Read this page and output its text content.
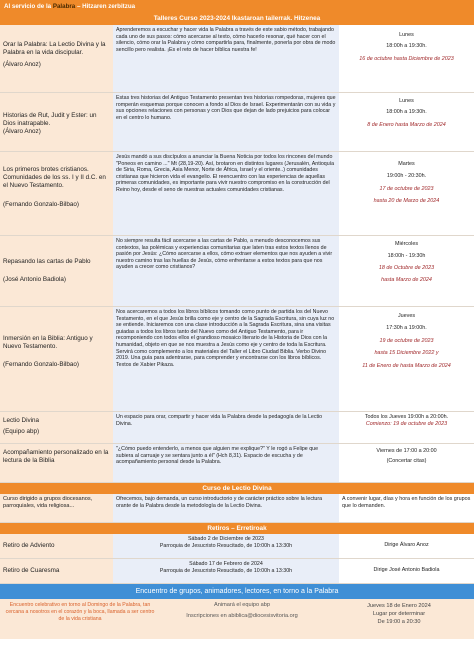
Al servicio de la Palabra – Hitzaren zerbitzua
Talleres Curso 2023-2024 Ikastaroan tailerrak. Hitzenea
Orar la Palabra: La Lectio Divina y la Palabra en la vida discipular.
(Álvaro Anoz)

Aprenderemos a escuchar y hacer vida la Palabra a través de este sabio método, trabajando cada uno de sus pasos: cómo acercarse al texto, cómo hacerlo resonar, qué hacer con el silencio, cómo orar la Palabra y cómo compartirla para, finalmente, ponerla por obra de modo sencillo pero realista. ¡Es el reto de hacer bíblica nuestra fe!

Lunes
18:00h a 19:30h.
16 de octubre hasta Diciembre de 2023
Historias de Rut, Judit y Ester: un Dios inatrapable.
(Álvaro Anoz)

Estas tres historias del Antiguo Testamento presentan tres historias rompedoras, mujeres que romperán esquemas porque conocen a fondo al Dios de Israel. Experimentarán con su vida y sus opciones relaciones con personas y con Dios que dejan de lado prejuicios para colocar en el centro lo humano.

Lunes
18:00h a 19:30h.
8 de Enero hasta Marzo de 2024
Los primeros brotes cristianos. Comunidades de los ss. I y II d.C. en el Nuevo Testamento.
(Fernando Gonzalo-Bilbao)

Jesús mandó a sus discípulos a anunciar la Buena Noticia por todos los rincones del mundo "Poneos en camino ..." Mt (28,19-20). Así, brotaron en distintos lugares (Jerusalén, Antioquía de Siria, Roma, Grecia, Asia Menor, Norte de África, Israel y el oriente..) comunidades cristianas que hicieron vida el evangelio. El reencuentro con las experiencias de aquellas primeras comunidades, es importante para vivir nuestro compromiso en la construcción del Reino hoy, desde el seno de nuestras actuales comunidades cristianas.

Martes
19:00h - 20:30h.
17 de octubre de 2023
hasta 20 de Marzo de 2024
Repasando las cartas de Pablo
(José Antonio Badiola)

No siempre resulta fácil acercarse a las cartas de Pablo, a menudo desconocemos sus contextos, las polémicas y experiencias comunitarias que laten tras estos textos llenos de pasión por Jesús: ¿Cómo acercarse a ellos, cómo extraer elementos que nos ayuden a vivir nuestro camino tras las huellas de Jesús, cómo enfrentarse a estos textos para que nos ayuden a crecer como cristianos?

Miércoles
18:00h - 19:30h
18 de Octubre de 2023
hasta Marzo de 2024
Inmersión en la Biblia: Antiguo y Nuevo Testamento.
(Fernando Gonzalo-Bilbao)

Nos acercaremos a todos los libros bíblicos tomando como punto de partida los del Nuevo Testamento, en el que Jesús brilla como eje y centro de la Sagrada Escritura, sin cuya luz no se entiende. Iniciaremos con una clase introducción a la Sagrada Escritura, sina una visitas guiadas a todos los libros tanto del Nuevo como del Antiguo Testamento, para ir recomponiendo con todos ellos el grandioso mosaico literario de la Historia de Dios con la humanidad, objeto en que se nos muestra a Jesús como eje y centro de toda la Escritura. Servirá como complemento a los materiales del Taller el Libro Ciudad Biblia. Verbo Divino 2019. Una guía para adentrarse, para comprender y encontrarse con los libros bíblicos. Textos de Xabier Pikaza.

Jueves
17:30h a 19:00h.
19 de octubre de 2023
hasta 15 Diciembre 2022 y
11 de Enero de hasta Marzo de 2024
Lectio Divina
(Equipo abp)

Un espacio para orar, compartir y hacer vida la Palabra desde la pedagogía de la Lectio Divina.

Todos los Jueves 19:00h a 20:00h.
Comienzo: 19 de octubre de 2023
Acompañamiento personalizado en la lectura de la Biblia

"¿Cómo puedo entenderlo, a menos que alguien me explique?" Y le rogó a Felipe que subiera al carruaje y se sentara junto a él" (Hch 8,31). Espacio de escucha y de acompañamiento personal desde la Palabra.

Viernes de 17:00 a 20:00
(Concertar citas)
Curso de Lectio Divina
Curso dirigido a grupos diocesanos, parroquiales, vida religiosa...

Ofrecemos, bajo demanda, un curso introductorio y de carácter práctico sobre la lectura orante de la Palabra desde la metodología de la Lectio Divina.

A convenir lugar, días y hora en función de los grupos que lo demanden.
Retiros – Erretiroak
Retiro de Adviento
Sábado 2 de Diciembre de 2023
Parroquia de Jesucristo Resucitado, de 10:00h a 13:30h	Dirige Álvaro Anoz
Retiro de Cuaresma
Sábado 17 de Febrero de 2024
Parroquia de Jesucristo Resucitado, de 10:00h a 13:30h	Dirige José Antonio Badiola
Encuentro de grupos, animadores, lectores, en torno a la Palabra
Encuentro celebrativo en torno al Domingo de la Palabra, tan cercana a nosotros en el corazón y la boca, llamada a ser centro de la vida cristiana
Animará el equipo abp
Inscripciones en abiblica@diocesisvitoria.org
Jueves 18 de Enero 2024
Lugar por determinar
De 19:00 a 20:30
